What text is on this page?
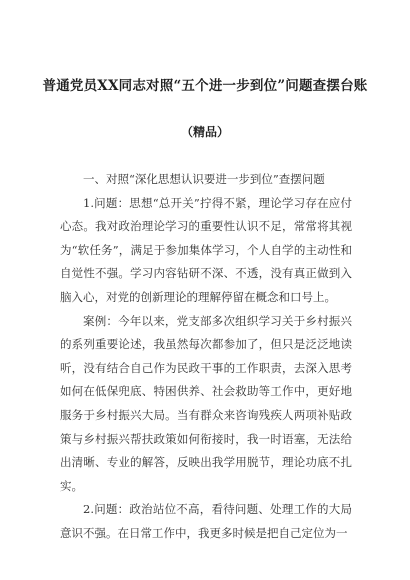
普通党员XX同志对照“五个进一步到位”问题查摆台账
（精品）

一、对照“深化思想认识要进一步到位”查摆问题

1.问题：思想“总开关”拧得不紧，理论学习存在应付心态。我对政治理论学习的重要性认识不足，常常将其视为“软任务”，满足于参加集体学习，个人自学的主动性和自觉性不强。学习内容钻研不深、不透，没有真正做到入脑入心，对党的创新理论的理解停留在概念和口号上。

案例：今年以来，党支部多次组织学习关于乡村振兴的系列重要论述，我虽然每次都参加了，但只是泛泛地读听，没有结合自己作为民政干事的工作职责，去深入思考如何在低保兜底、特困供养、社会救助等工作中，更好地服务于乡村振兴大局。当有群众来咨询残疾人两项补贴政策与乡村振兴帮扶政策如何衔接时，我一时语塞，无法给出清晰、专业的解答，反映出我学用脱节，理论功底不扎实。

2.问题：政治站位不高，看待问题、处理工作的大局意识不强。在日常工作中，我更多时候是把自己定位为一
